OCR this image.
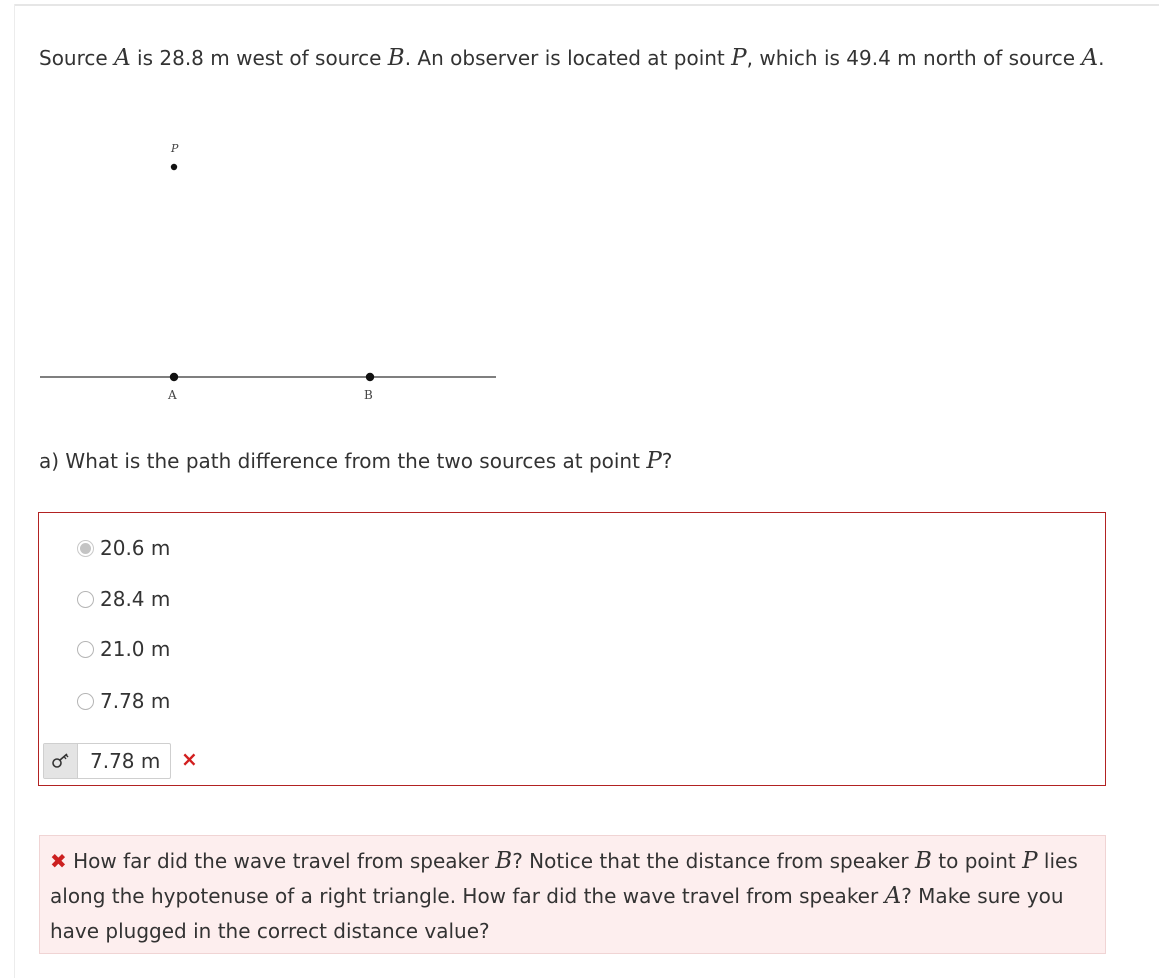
Source A is 28.8 m west of source B. An observer is located at point P, which is 49.4 m north of source A.
P
A	B
a) What is the path difference from the two sources at point P?
20.6 m
28.4 m
21.0 m
7.78 m
7.78 m	×
✖ How far did the wave travel from speaker B? Notice that the distance from speaker B to point P lies along the hypotenuse of a right triangle. How far did the wave travel from speaker A? Make sure you have plugged in the correct distance value?
